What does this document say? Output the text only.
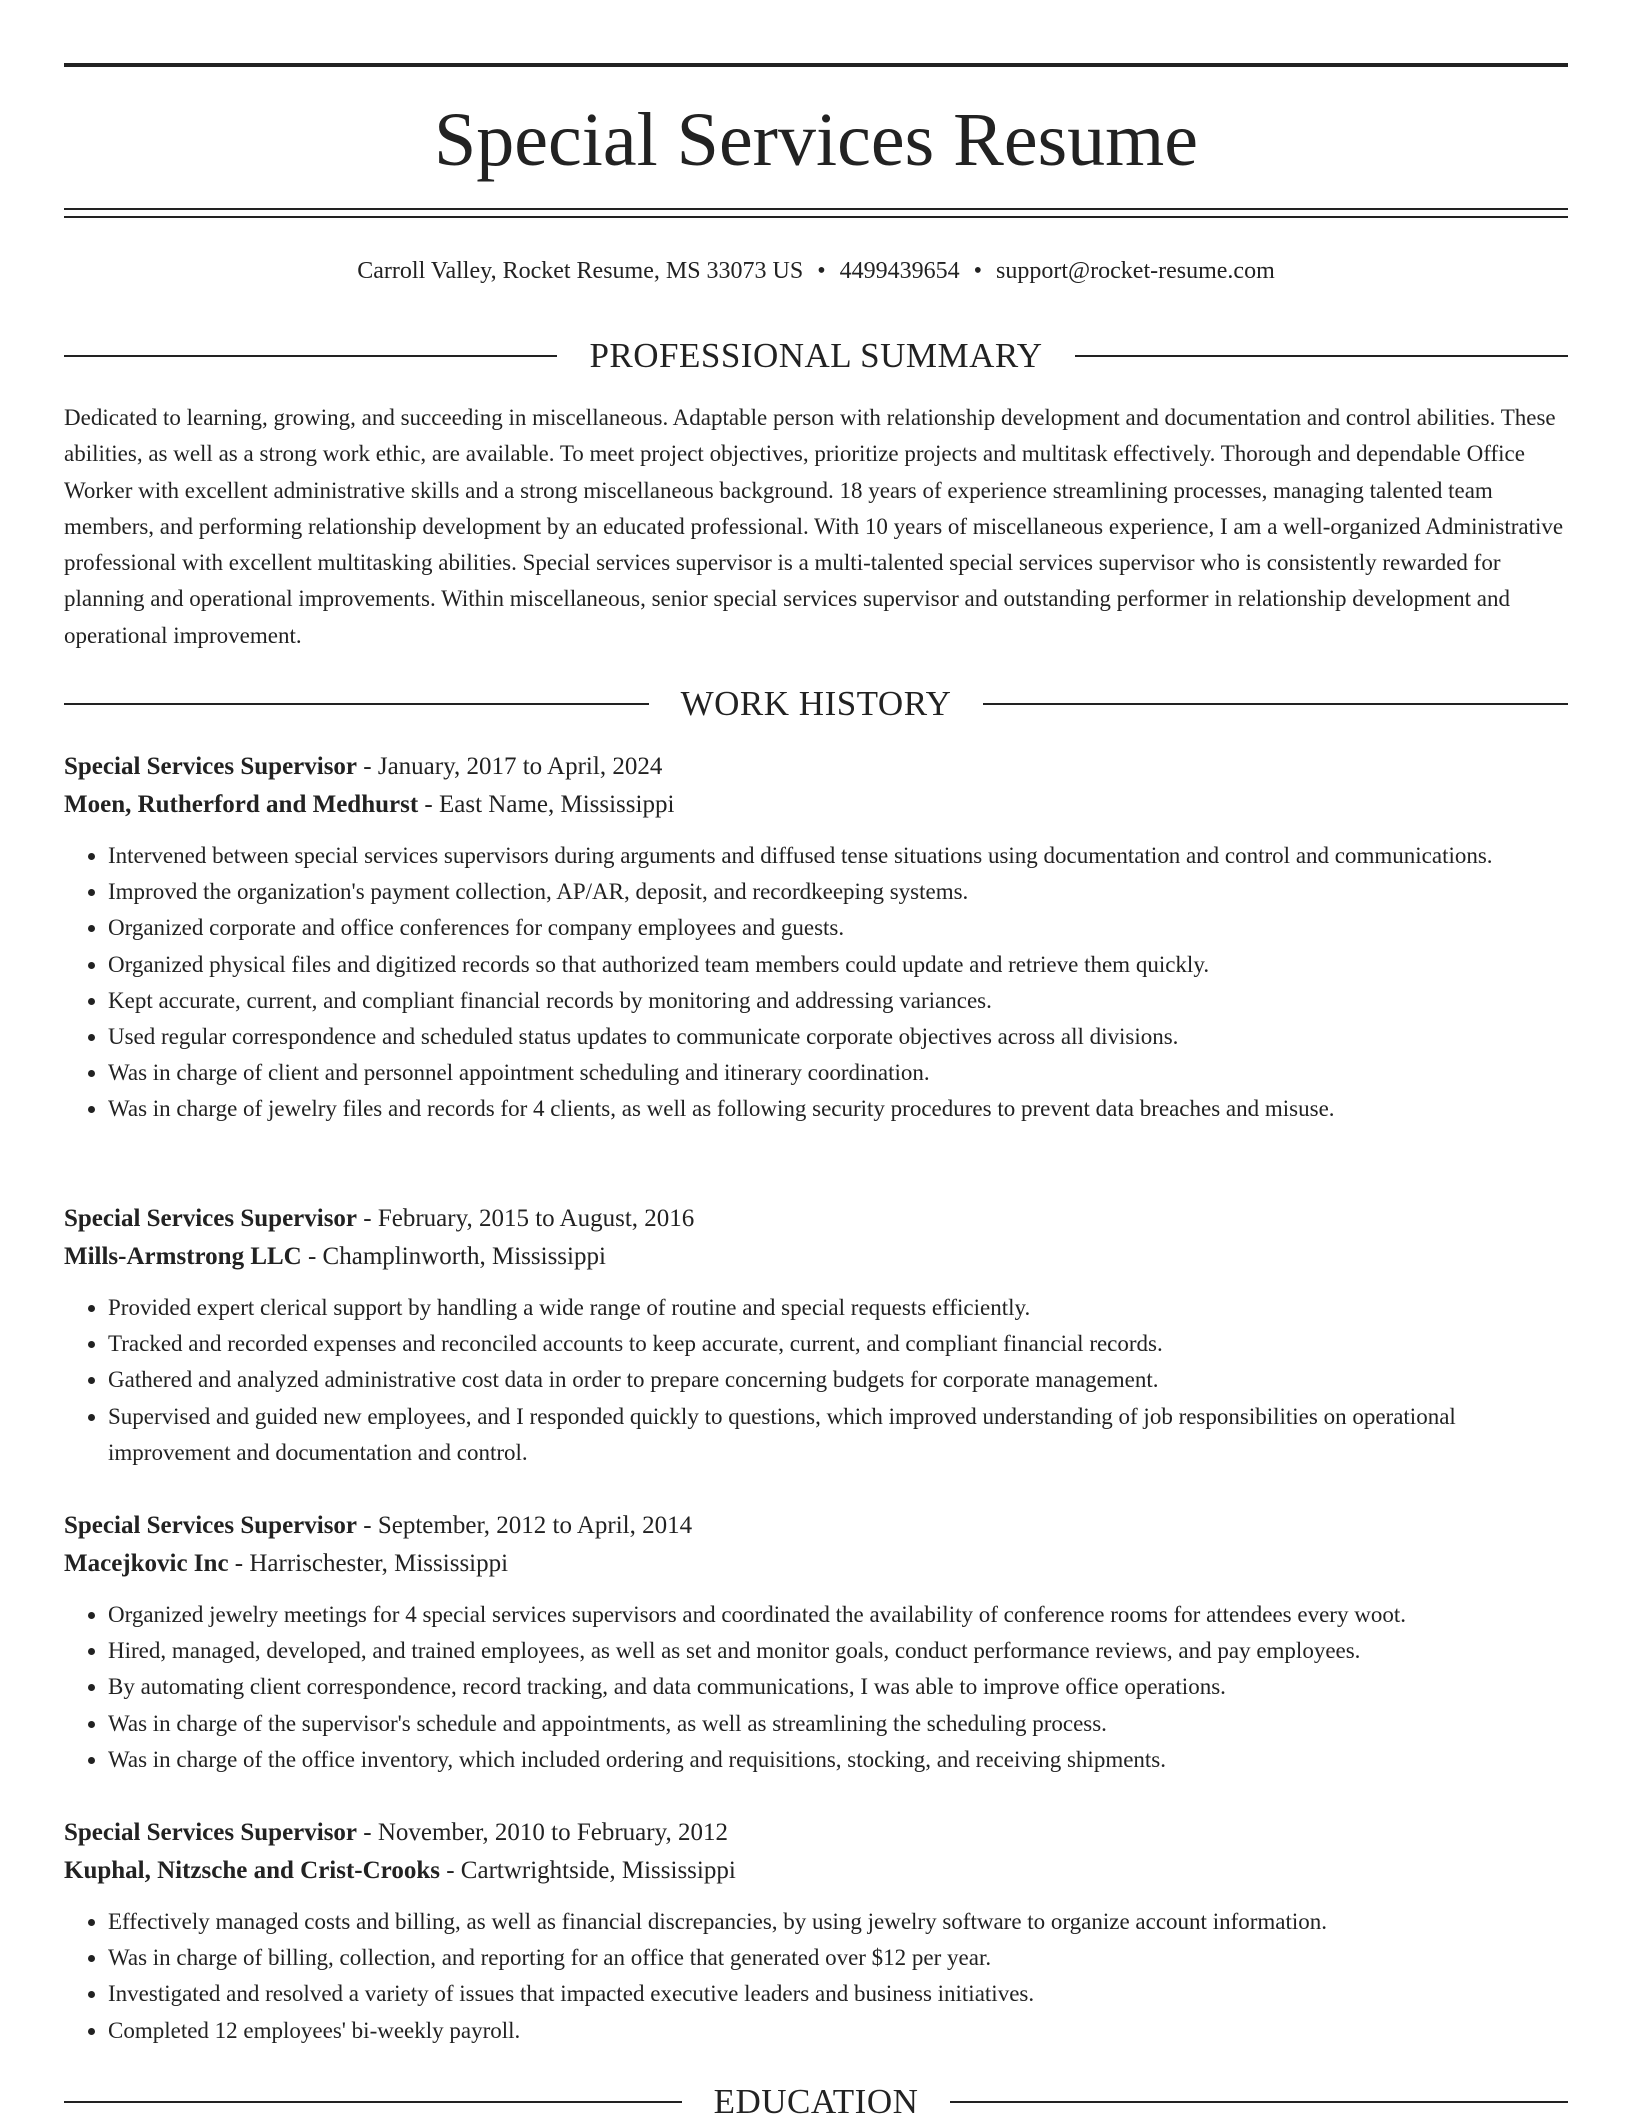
Special Services Resume
Carroll Valley, Rocket Resume, MS 33073 US • 4499439654 • support@rocket-resume.com
PROFESSIONAL SUMMARY

Dedicated to learning, growing, and succeeding in miscellaneous. Adaptable person with relationship development and documentation and control abilities. These abilities, as well as a strong work ethic, are available. To meet project objectives, prioritize projects and multitask effectively. Thorough and dependable Office Worker with excellent administrative skills and a strong miscellaneous background. 18 years of experience streamlining processes, managing talented team members, and performing relationship development by an educated professional. With 10 years of miscellaneous experience, I am a well-organized Administrative professional with excellent multitasking abilities. Special services supervisor is a multi-talented special services supervisor who is consistently rewarded for planning and operational improvements. Within miscellaneous, senior special services supervisor and outstanding performer in relationship development and operational improvement.

WORK HISTORY

Special Services Supervisor - January, 2017 to April, 2024

Moen, Rutherford and Medhurst - East Name, Mississippi

• Intervened between special services supervisors during arguments and diffused tense situations using documentation and control and communications.
• Improved the organization's payment collection, AP/AR, deposit, and recordkeeping systems.
• Organized corporate and office conferences for company employees and guests.
• Organized physical files and digitized records so that authorized team members could update and retrieve them quickly.
• Kept accurate, current, and compliant financial records by monitoring and addressing variances.
• Used regular correspondence and scheduled status updates to communicate corporate objectives across all divisions.
• Was in charge of client and personnel appointment scheduling and itinerary coordination.
• Was in charge of jewelry files and records for 4 clients, as well as following security procedures to prevent data breaches and misuse.

Special Services Supervisor - February, 2015 to August, 2016

Mills-Armstrong LLC - Champlinworth, Mississippi

• Provided expert clerical support by handling a wide range of routine and special requests efficiently.
• Tracked and recorded expenses and reconciled accounts to keep accurate, current, and compliant financial records.
• Gathered and analyzed administrative cost data in order to prepare concerning budgets for corporate management.
• Supervised and guided new employees, and I responded quickly to questions, which improved understanding of job responsibilities on operational improvement and documentation and control.

Special Services Supervisor - September, 2012 to April, 2014

Macejkovic Inc - Harrischester, Mississippi

• Organized jewelry meetings for 4 special services supervisors and coordinated the availability of conference rooms for attendees every woot.
• Hired, managed, developed, and trained employees, as well as set and monitor goals, conduct performance reviews, and pay employees.
• By automating client correspondence, record tracking, and data communications, I was able to improve office operations.
• Was in charge of the supervisor's schedule and appointments, as well as streamlining the scheduling process.
• Was in charge of the office inventory, which included ordering and requisitions, stocking, and receiving shipments.

Special Services Supervisor - November, 2010 to February, 2012

Kuphal, Nitzsche and Crist-Crooks - Cartwrightside, Mississippi

• Effectively managed costs and billing, as well as financial discrepancies, by using jewelry software to organize account information.
• Was in charge of billing, collection, and reporting for an office that generated over $12 per year.
• Investigated and resolved a variety of issues that impacted executive leaders and business initiatives.
• Completed 12 employees' bi-weekly payroll.
EDUCATION
